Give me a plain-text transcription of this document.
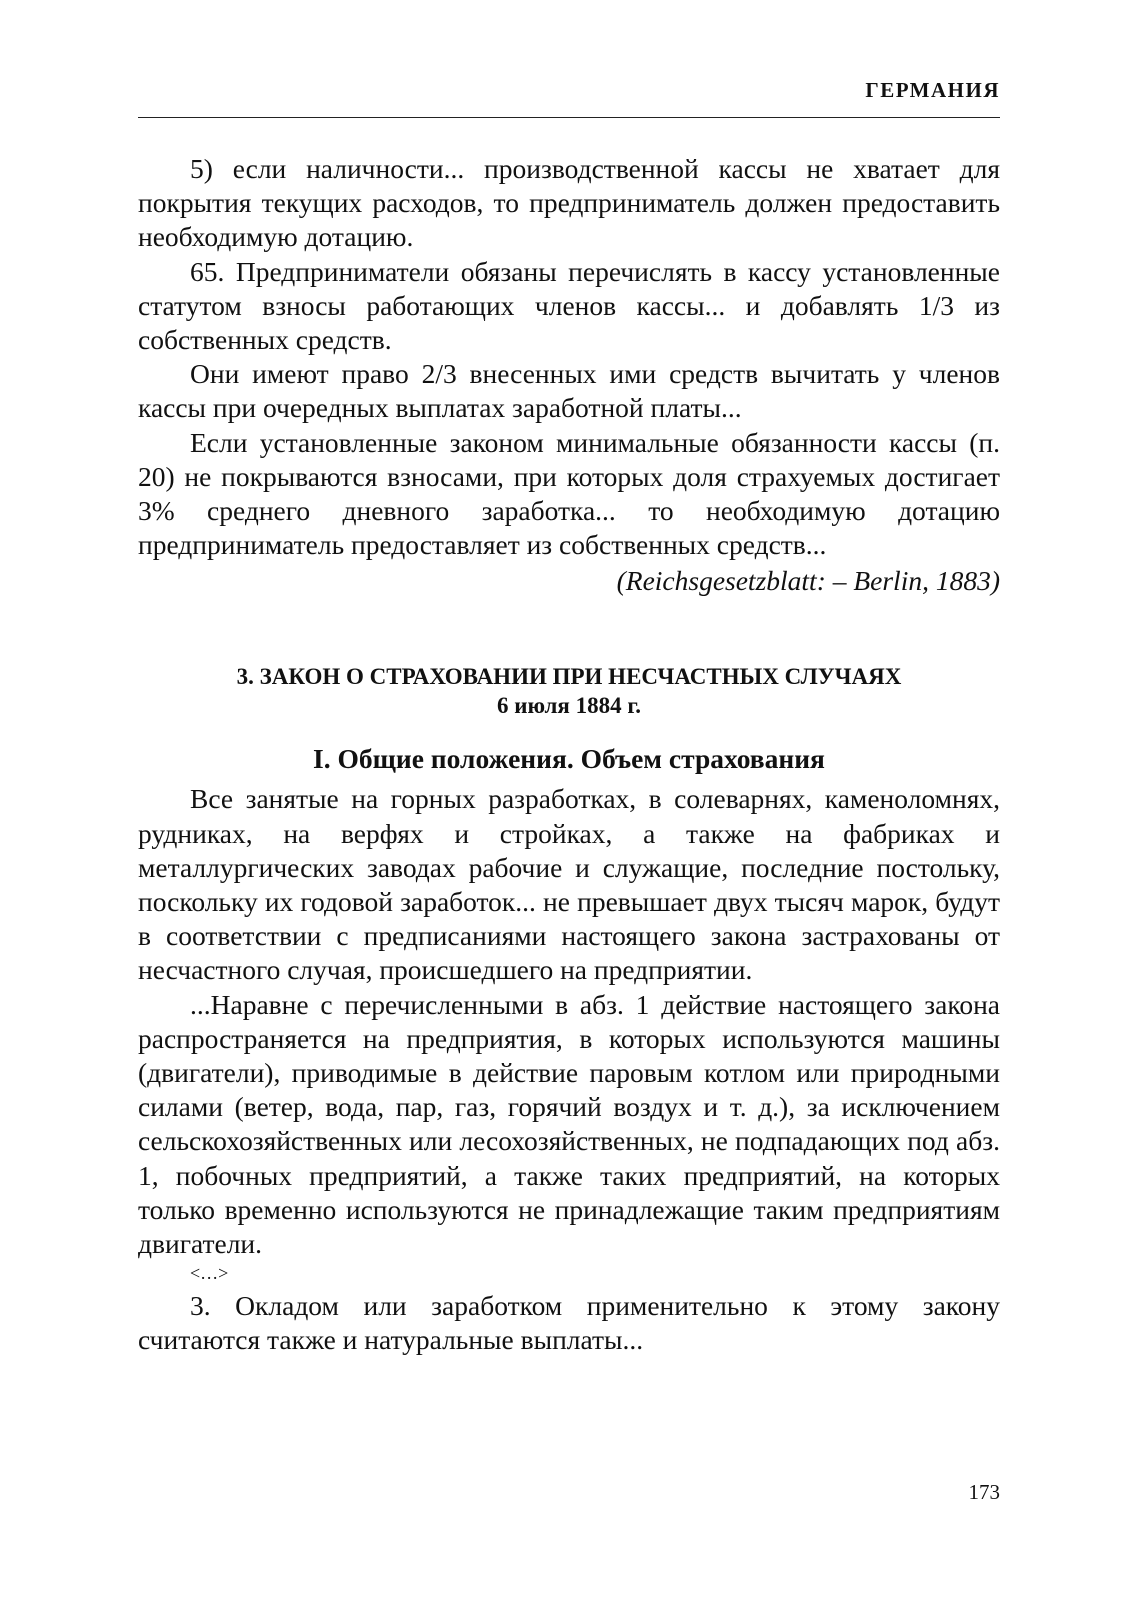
ГЕРМАНИЯ

5) если наличности... производственной кассы не хватает для покрытия текущих расходов, то предприниматель должен предоставить необходимую дотацию.

65. Предприниматели обязаны перечислять в кассу установленные статутом взносы работающих членов кассы... и добавлять 1/3 из собственных средств.

Они имеют право 2/3 внесенных ими средств вычитать у членов кассы при очередных выплатах заработной платы...

Если установленные законом минимальные обязанности кассы (п. 20) не покрываются взносами, при которых доля страхуемых достигает 3% среднего дневного заработка... то необходимую дотацию предприниматель предоставляет из собственных средств...

(Reichsgesetzblatt: – Berlin, 1883)
3. ЗАКОН О СТРАХОВАНИИ ПРИ НЕСЧАСТНЫХ СЛУЧАЯХ
6 июля 1884 г.
I. Общие положения. Объем страхования

Все занятые на горных разработках, в солеварнях, каменоломнях, рудниках, на верфях и стройках, а также на фабриках и металлургических заводах рабочие и служащие, последние постольку, поскольку их годовой заработок... не превышает двух тысяч марок, будут в соответствии с предписаниями настоящего закона застрахованы от несчастного случая, происшедшего на предприятии.

...Наравне с перечисленными в абз. 1 действие настоящего закона распространяется на предприятия, в которых используются машины (двигатели), приводимые в действие паровым котлом или природными силами (ветер, вода, пар, газ, горячий воздух и т. д.), за исключением сельскохозяйственных или лесохозяйственных, не подпадающих под абз. 1, побочных предприятий, а также таких предприятий, на которых только временно используются не принадлежащие таким предприятиям двигатели.

<…>

3. Окладом или заработком применительно к этому закону считаются также и натуральные выплаты...

173
